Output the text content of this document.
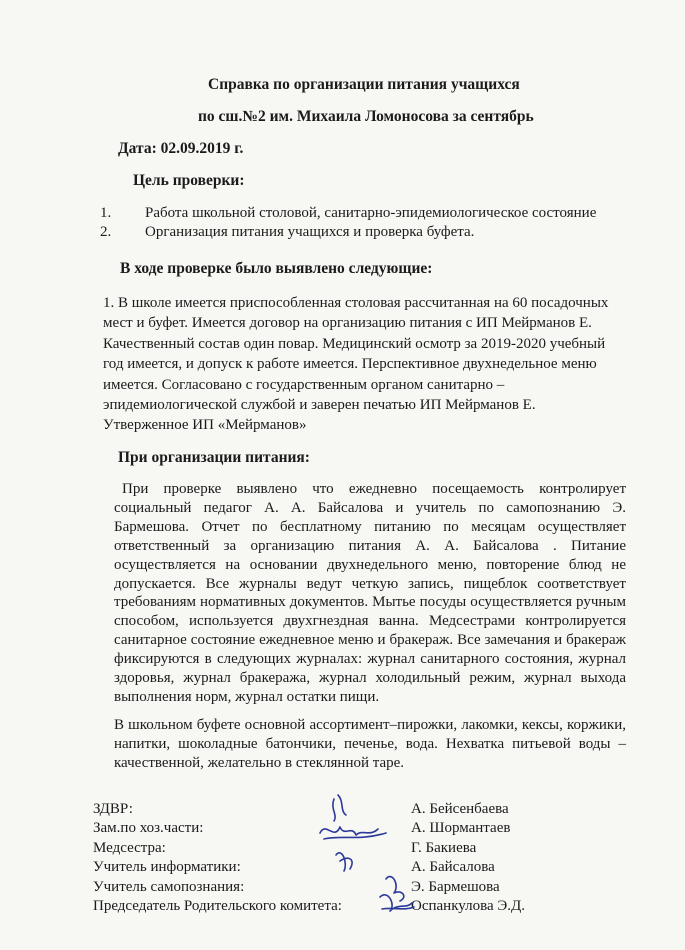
Справка по организации питания учащихся
по сш.№2 им. Михаила Ломоносова за сентябрь
Дата: 02.09.2019 г.
Цель проверки:
1.	Работа школьной столовой, санитарно-эпидемиологическое состояние
2.	Организация питания учащихся и проверка буфета.
В ходе проверке было выявлено следующие:
1. В школе имеется приспособленная столовая рассчитанная на 60 посадочных мест и буфет. Имеется договор на организацию питания с ИП Мейрманов Е. Качественный состав один повар. Медицинский осмотр за 2019-2020 учебный год имеется, и допуск к работе имеется. Перспективное двухнедельное меню имеется. Согласовано с государственным органом санитарно – эпидемиологической службой и заверен печатью ИП Мейрманов Е. Утверженное ИП «Мейрманов»
При организации питания:
При проверке выявлено что ежедневно посещаемость контролирует социальный педагог А. А. Байсалова и учитель по самопознанию Э. Бармешова. Отчет по бесплатному питанию по месяцам осуществляет ответственный за организацию питания А. А. Байсалова . Питание осуществляется на основании двухнедельного меню, повторение блюд не допускается. Все журналы ведут четкую запись, пищеблок соответствует требованиям нормативных документов. Мытье посуды осуществляется ручным способом, используется двухгнездная ванна. Медсестрами контролируется санитарное состояние ежедневное меню и бракераж. Все замечания и бракераж фиксируются в следующих журналах: журнал санитарного состояния, журнал здоровья, журнал бракеража, журнал холодильный режим, журнал выхода выполнения норм, журнал остатки пищи.
В школьном буфете основной ассортимент–пирожки, лакомки, кексы, коржики, напитки, шоколадные батончики, печенье, вода. Нехватка питьевой воды – качественной, желательно в стеклянной таре.
ЗДВР:	А. Бейсенбаева
Зам.по хоз.части:	А. Шормантаев
Медсестра:	Г. Бакиева
Учитель информатики:	А. Байсалова
Учитель самопознания:	Э. Бармешова
Председатель Родительского комитета:	Оспанкулова Э.Д.
